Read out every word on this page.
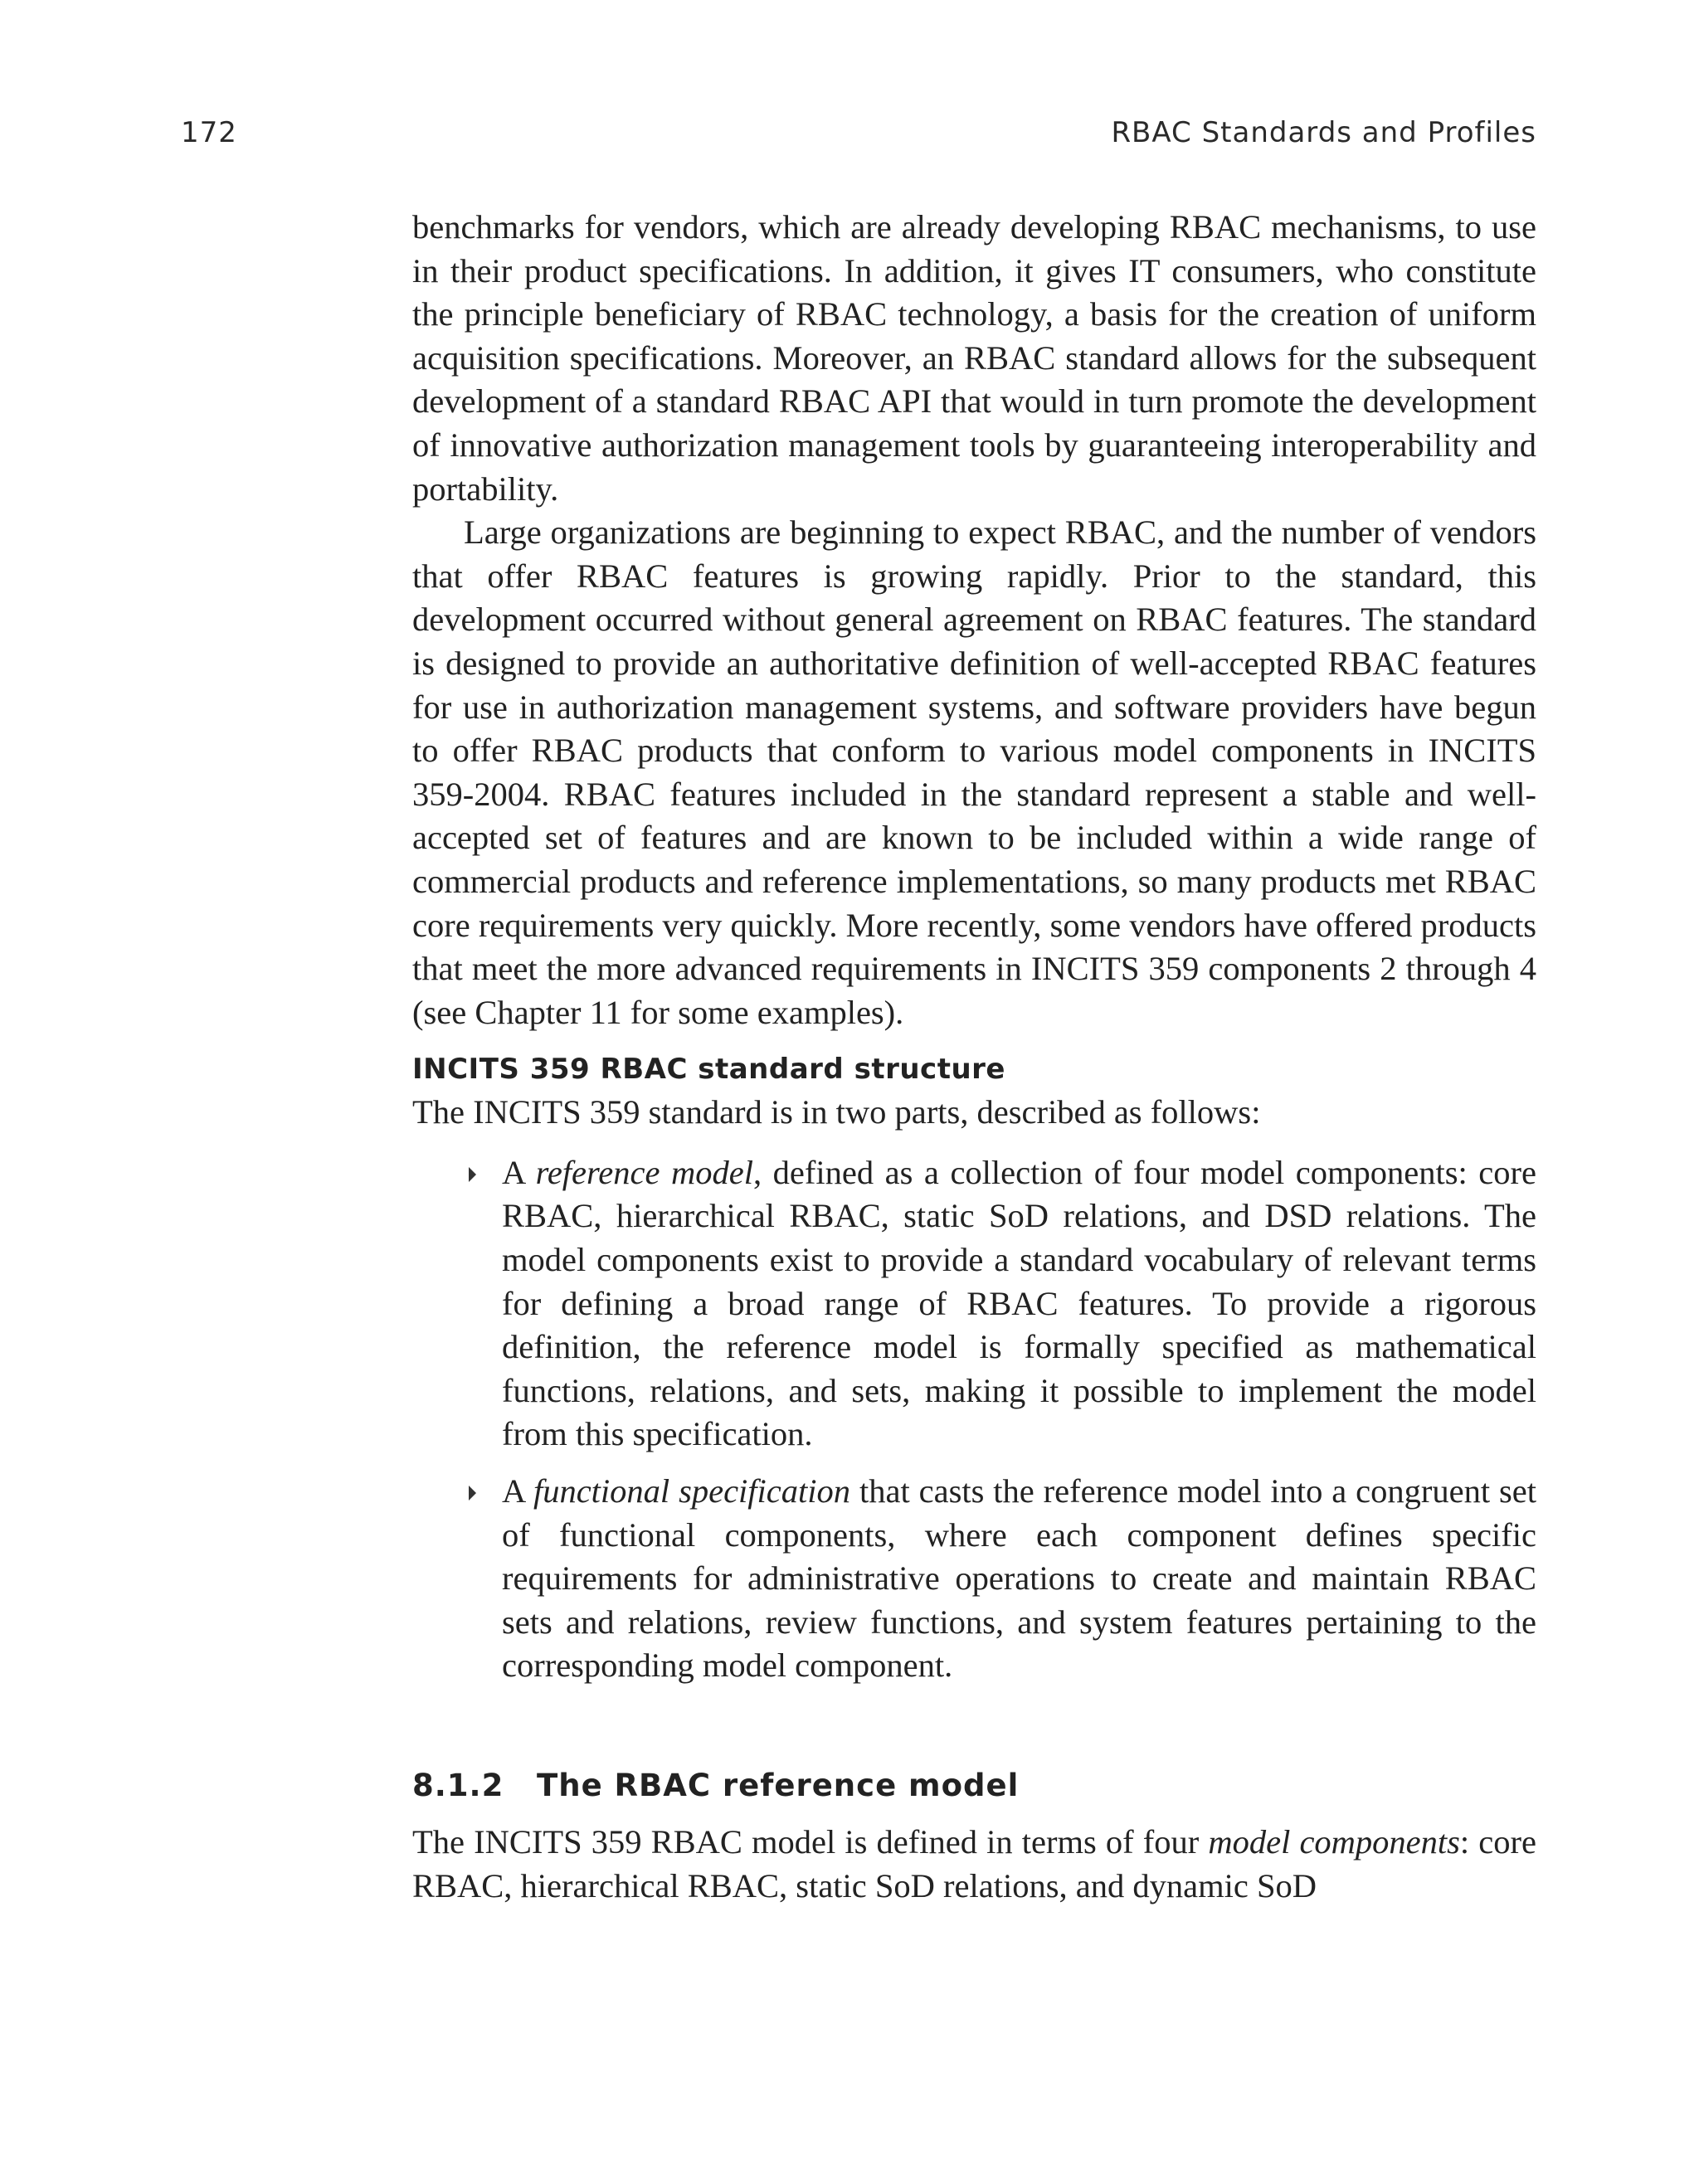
172	RBAC Standards and Profiles

benchmarks for vendors, which are already developing RBAC mechanisms, to use in their product specifications. In addition, it gives IT consumers, who constitute the principle beneficiary of RBAC technology, a basis for the creation of uniform acquisition specifications. Moreover, an RBAC standard allows for the subsequent development of a standard RBAC API that would in turn promote the development of innovative authorization management tools by guaranteeing interoperability and portability.

Large organizations are beginning to expect RBAC, and the number of vendors that offer RBAC features is growing rapidly. Prior to the standard, this development occurred without general agreement on RBAC features. The standard is designed to provide an authoritative definition of well-accepted RBAC features for use in authorization management systems, and software providers have begun to offer RBAC products that conform to various model components in INCITS 359-2004. RBAC features included in the standard represent a stable and well-accepted set of features and are known to be included within a wide range of commercial products and reference implementations, so many products met RBAC core requirements very quickly. More recently, some vendors have offered products that meet the more advanced requirements in INCITS 359 components 2 through 4 (see Chapter 11 for some examples).

INCITS 359 RBAC standard structure

The INCITS 359 standard is in two parts, described as follows:

A reference model, defined as a collection of four model components: core RBAC, hierarchical RBAC, static SoD relations, and DSD relations. The model components exist to provide a standard vocabulary of relevant terms for defining a broad range of RBAC features. To provide a rigorous definition, the reference model is formally specified as mathematical functions, relations, and sets, making it possible to implement the model from this specification.
A functional specification that casts the reference model into a congruent set of functional components, where each component defines specific requirements for administrative operations to create and maintain RBAC sets and relations, review functions, and system features pertaining to the corresponding model component.
8.1.2 The RBAC reference model

The INCITS 359 RBAC model is defined in terms of four model components: core RBAC, hierarchical RBAC, static SoD relations, and dynamic SoD
